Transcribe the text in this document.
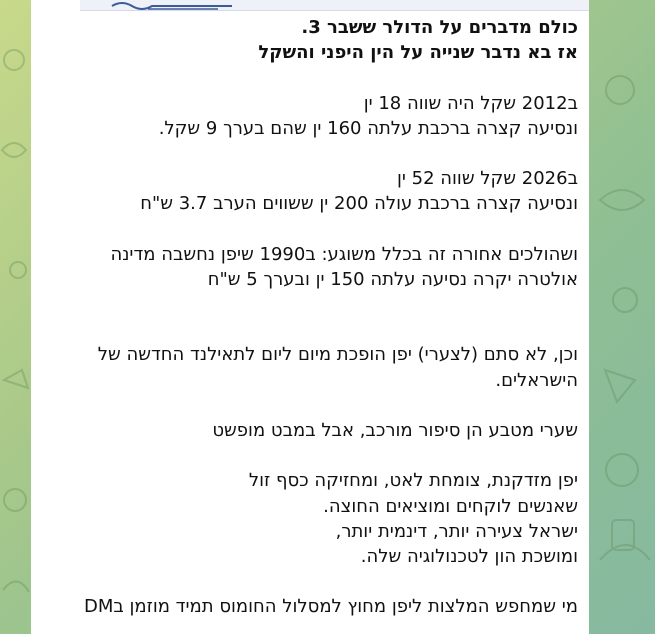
כולם מדברים על הדולר ששבר 3.
אז בא נדבר שנייה על הין היפני והשקל
ב2012 שקל היה שווה 18 ין
ונסיעה קצרה ברכבת עלתה 160 ין שהם בערך 9 שקל.
ב2026 שקל שווה 52 ין
ונסיעה קצרה ברכבת עולה 200 ין ששווים הערב 3.7 ש"ח
ושהולכים אחורה זה בכלל משוגע: ב1990 שיפן נחשבה מדינה
אולטרה יקרה נסיעה עלתה 150 ין ובערך 5 ש"ח
וכן, לא סתם (לצערי) יפן הופכת מיום ליום לתאילנד החדשה של
הישראלים.
שערי מטבע הן סיפור מורכב, אבל במבט מופשט
יפן מזדקנת, צומחת לאט, ומחזיקה כסף זול
שאנשים לוקחים ומוציאים החוצה.
ישראל צעירה יותר, דינמית יותר,
ומושכת הון לטכנולוגיה שלה.
מי שמחפש המלצות ליפן מחוץ למסלול החומוס תמיד מוזמן בDM
